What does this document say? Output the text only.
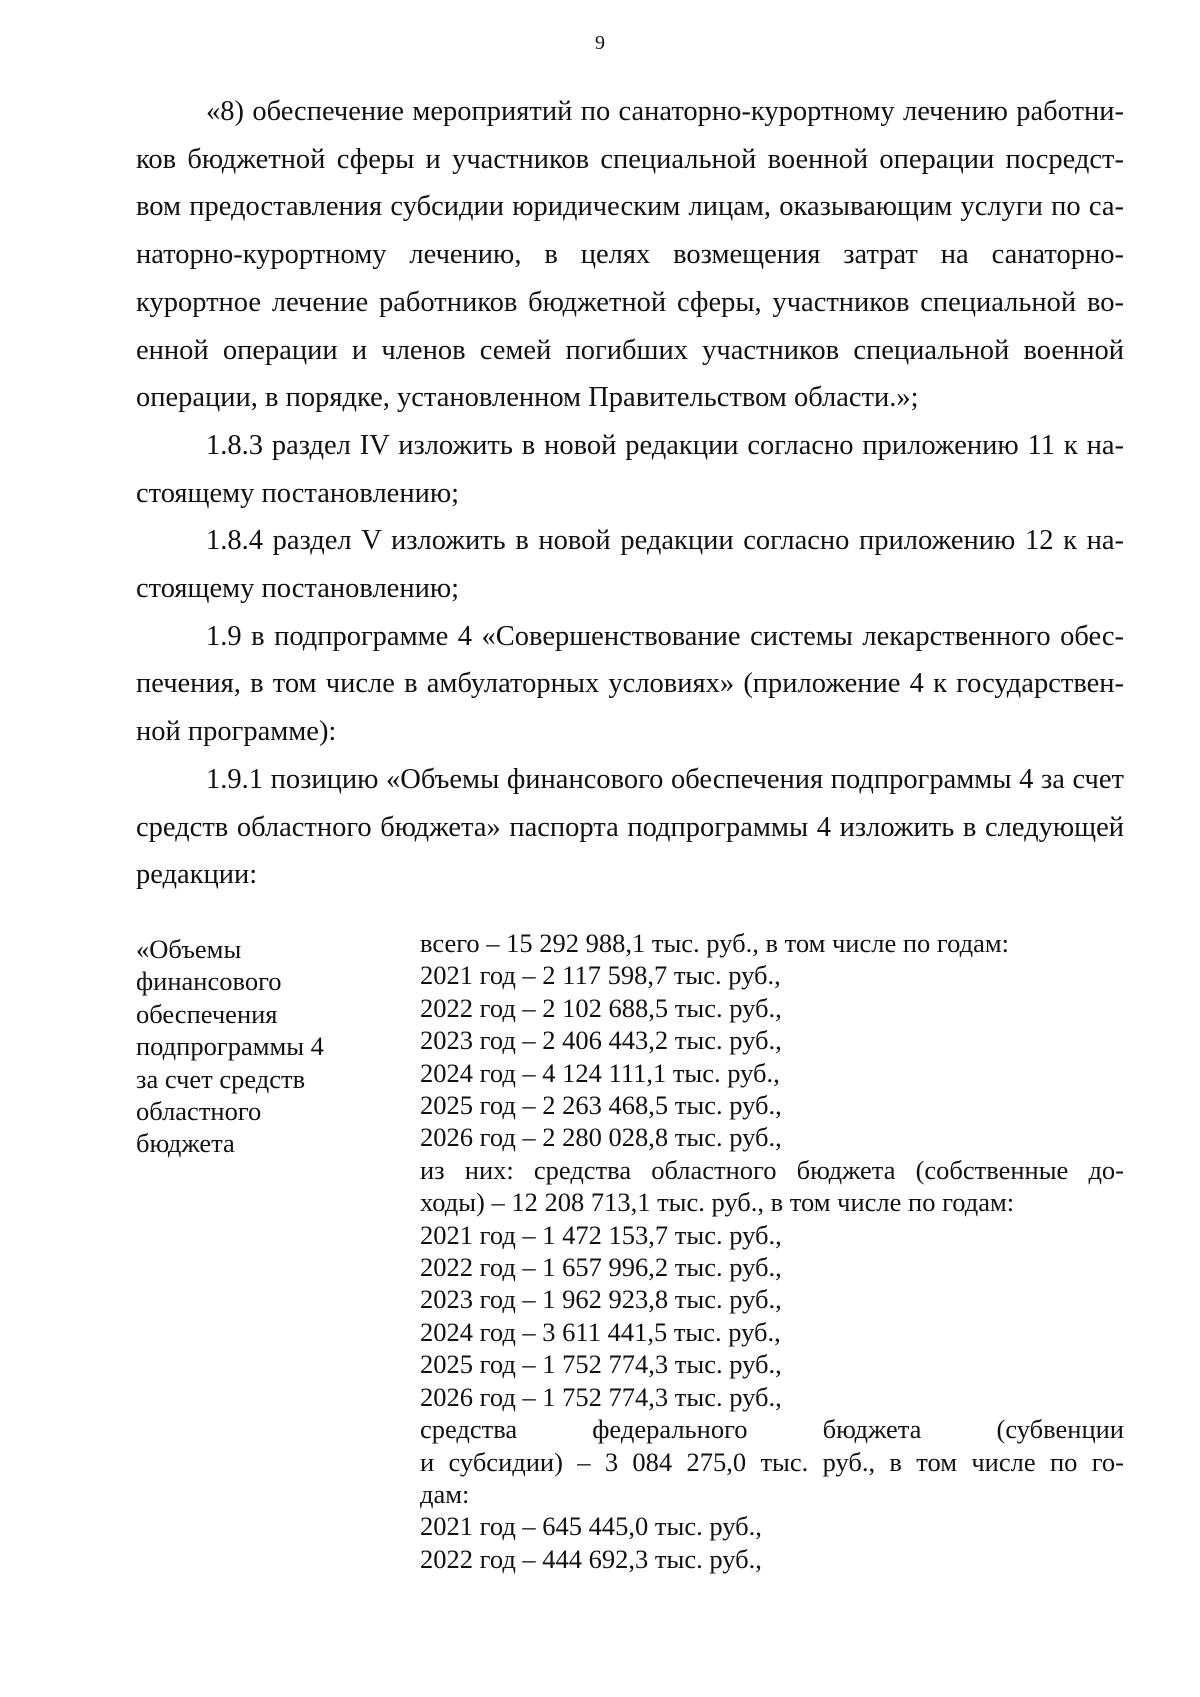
9

«8) обеспечение мероприятий по санаторно-курортному лечению работни-ков бюджетной сферы и участников специальной военной операции посредст-вом предоставления субсидии юридическим лицам, оказывающим услуги по са-наторно-курортному лечению, в целях возмещения затрат на санаторно-курортное лечение работников бюджетной сферы, участников специальной во-енной операции и членов семей погибших участников специальной военной операции, в порядке, установленном Правительством области.»;

1.8.3 раздел IV изложить в новой редакции согласно приложению 11 к на-стоящему постановлению;

1.8.4 раздел V изложить в новой редакции согласно приложению 12 к на-стоящему постановлению;

1.9 в подпрограмме 4 «Совершенствование системы лекарственного обес-печения, в том числе в амбулаторных условиях» (приложение 4 к государствен-ной программе):

1.9.1 позицию «Объемы финансового обеспечения подпрограммы 4 за счет средств областного бюджета» паспорта подпрограммы 4 изложить в следующей редакции:

«Объемы
финансового
обеспечения
подпрограммы 4
за счет средств
областного
бюджета
всего – 15 292 988,1 тыс. руб., в том числе по годам:
2021 год – 2 117 598,7 тыс. руб.,
2022 год – 2 102 688,5 тыс. руб.,
2023 год – 2 406 443,2 тыс. руб.,
2024 год – 4 124 111,1 тыс. руб.,
2025 год – 2 263 468,5 тыс. руб.,
2026 год – 2 280 028,8 тыс. руб.,
из них: средства областного бюджета (собственные до-
ходы) – 12 208 713,1 тыс. руб., в том числе по годам:
2021 год – 1 472 153,7 тыс. руб.,
2022 год – 1 657 996,2 тыс. руб.,
2023 год – 1 962 923,8 тыс. руб.,
2024 год – 3 611 441,5 тыс. руб.,
2025 год – 1 752 774,3 тыс. руб.,
2026 год – 1 752 774,3 тыс. руб.,
средства федерального бюджета (субвенции
и субсидии) – 3 084 275,0 тыс. руб., в том числе по го-
дам:
2021 год – 645 445,0 тыс. руб.,
2022 год – 444 692,3 тыс. руб.,
